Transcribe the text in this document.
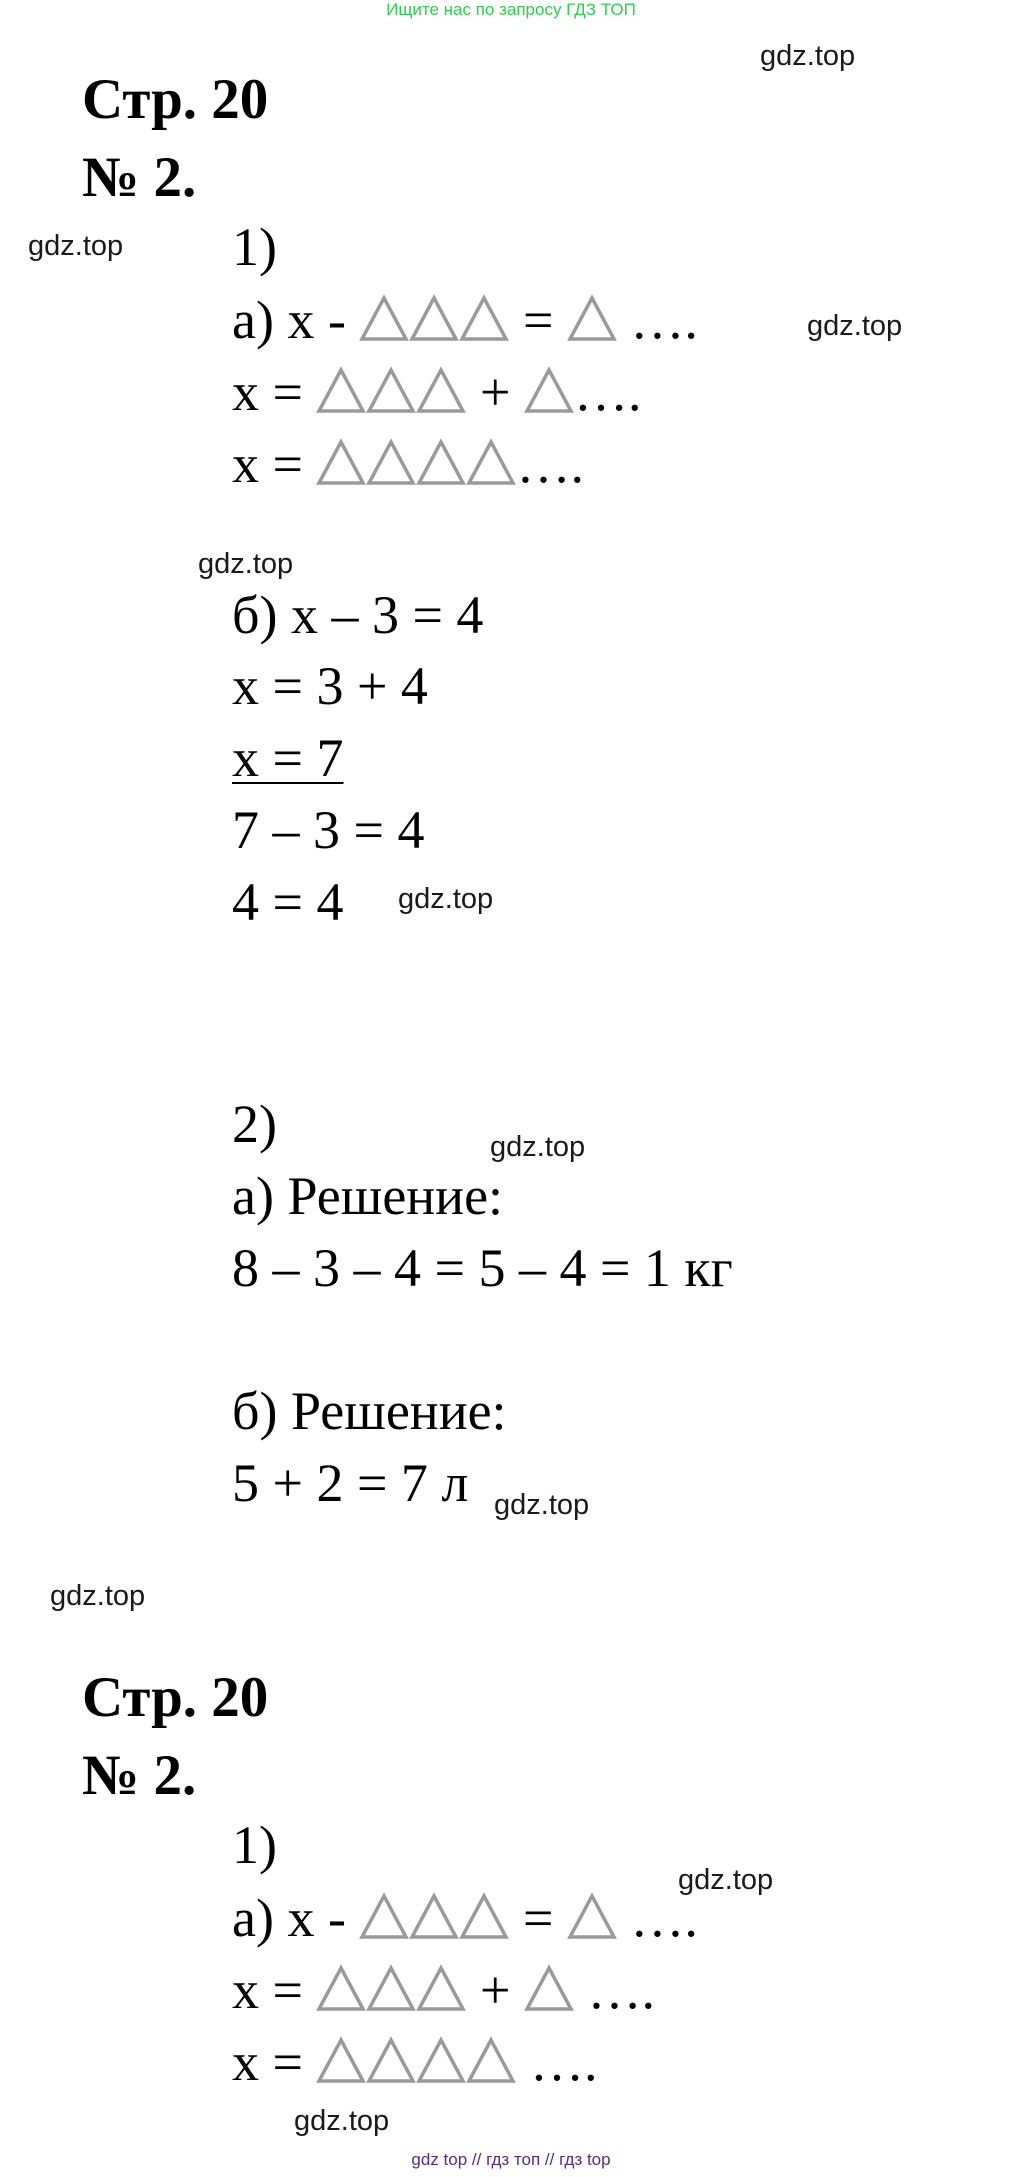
Ищите нас по запросу ГДЗ ТОП
gdz.top
gdz.top
gdz.top
gdz.top
gdz.top
gdz.top
gdz.top
gdz.top
gdz.top
gdz.top
Стр. 20
№ 2.
1)
а) х -	= ….
х =	+ ….
х =	….
б) х – 3 = 4
х = 3 + 4
х = 7
7 – 3 = 4
4 = 4
2)
а) Решение:
8 – 3 – 4 = 5 – 4 = 1 кг
б) Решение:
5 + 2 = 7 л
Стр. 20
№ 2.
1)
а) х -	= ….
х =	+ ….
х =	….
gdz top // гдз топ // гдз top
